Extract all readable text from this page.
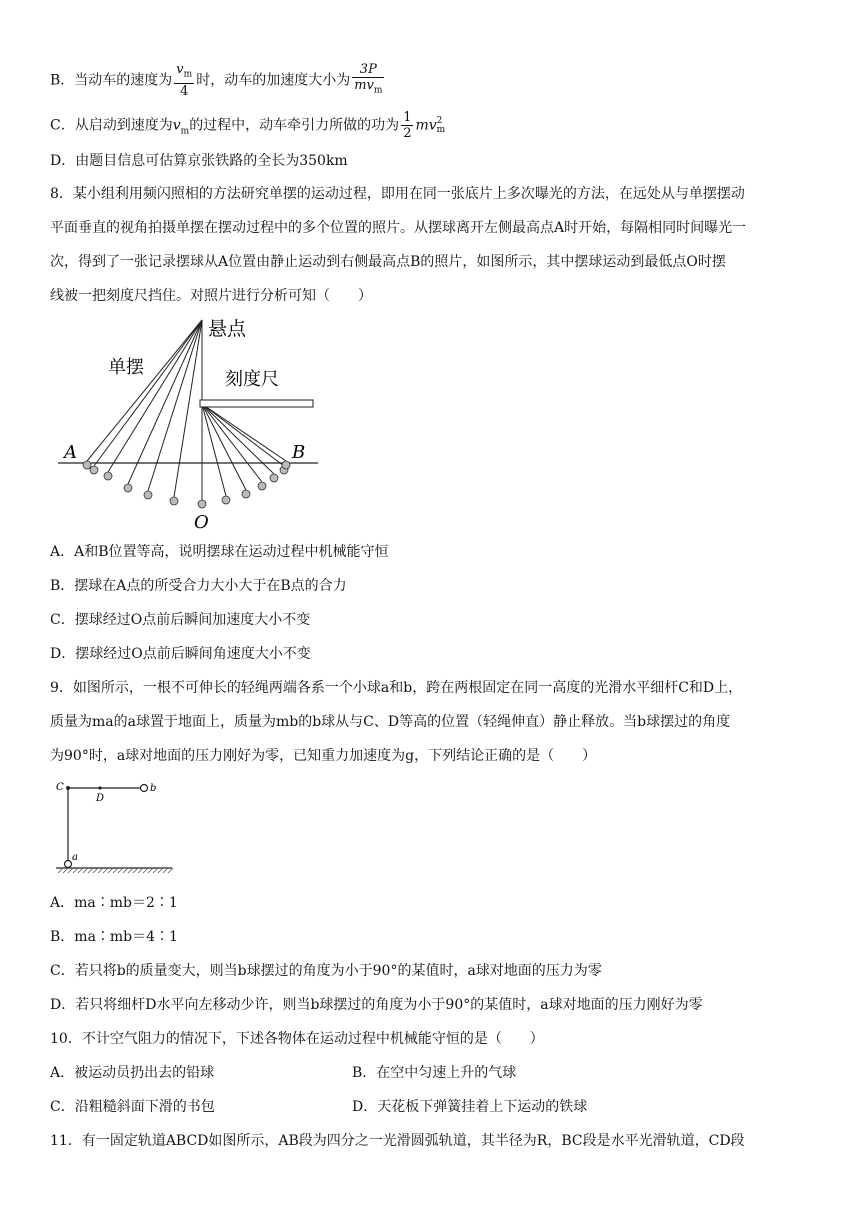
B．当动车的速度为 $\frac{v_m}{4}$ 时，动车的加速度大小为 $\frac{3P}{mv_m}$
C．从启动到速度为$v_m$的过程中，动车牵引力所做的功为 $\frac{1}{2}$ mv 2
m
D．由题目信息可估算京张铁路的全长为350km
8．某小组利用频闪照相的方法研究单摆的运动过程，即用在同一张底片上多次曝光的方法，在远处从与单摆摆动
平面垂直的视角拍摄单摆在摆动过程中的多个位置的照片。从摆球离开左侧最高点A时开始，每隔相同时间曝光一
次，得到了一张记录摆球从A位置由静止运动到右侧最高点B的照片，如图所示，其中摆球运动到最低点O时摆
线被一把刻度尺挡住。对照片进行分析可知（　　）
悬点
单摆
刻度尺
A	B
O
A．A和B位置等高，说明摆球在运动过程中机械能守恒
B．摆球在A点的所受合力大小大于在B点的合力
C．摆球经过O点前后瞬间加速度大小不变
D．摆球经过O点前后瞬间角速度大小不变
9．如图所示，一根不可伸长的轻绳两端各系一个小球a和b，跨在两根固定在同一高度的光滑水平细杆C和D上，
质量为ma的a球置于地面上，质量为mb的b球从与C、D等高的位置（轻绳伸直）静止释放。当b球摆过的角度
为90°时，a球对地面的压力刚好为零，已知重力加速度为g，下列结论正确的是（　　）
C
D
b
a
A．ma∶mb＝2∶1
B．ma∶mb＝4∶1
C．若只将b的质量变大，则当b球摆过的角度为小于90°的某值时，a球对地面的压力为零
D．若只将细杆D水平向左移动少许，则当b球摆过的角度为小于90°的某值时，a球对地面的压力刚好为零
10．不计空气阻力的情况下，下述各物体在运动过程中机械能守恒的是（　　）
A．被运动员扔出去的铅球	B．在空中匀速上升的气球
C．沿粗糙斜面下滑的书包	D．天花板下弹簧挂着上下运动的铁球
11．有一固定轨道ABCD如图所示，AB段为四分之一光滑圆弧轨道，其半径为R，BC段是水平光滑轨道，CD段
